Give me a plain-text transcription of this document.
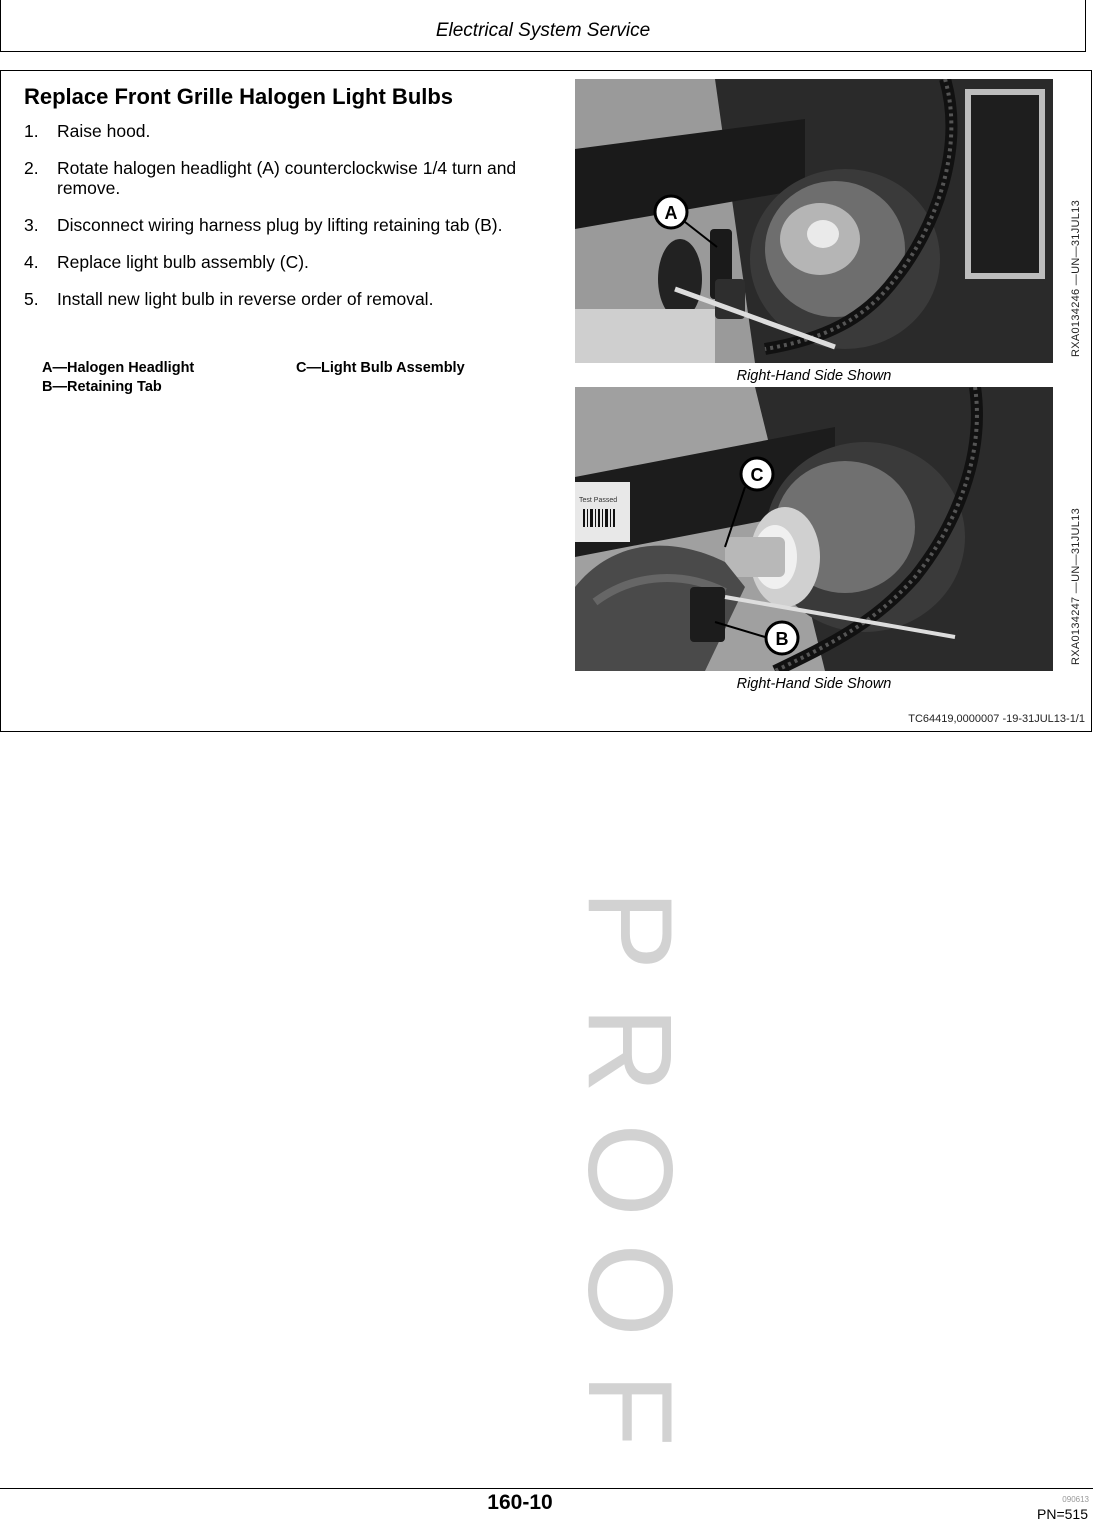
Electrical System Service
Replace Front Grille Halogen Light Bulbs
1.	Raise hood.
2.	Rotate halogen headlight (A) counterclockwise 1/4 turn and remove.
3.	Disconnect wiring harness plug by lifting retaining tab (B).
4.	Replace light bulb assembly (C).
5.	Install new light bulb in reverse order of removal.
A—Halogen Headlight
B—Retaining Tab
C—Light Bulb Assembly
A	RXA0134246 —UN—31JUL13
Right-Hand Side Shown
Test Passed
C
B	RXA0134247 —UN—31JUL13
Right-Hand Side Shown
TC64419,0000007 -19-31JUL13-1/1
P
R
O
O
F
160-10	090613
PN=515
